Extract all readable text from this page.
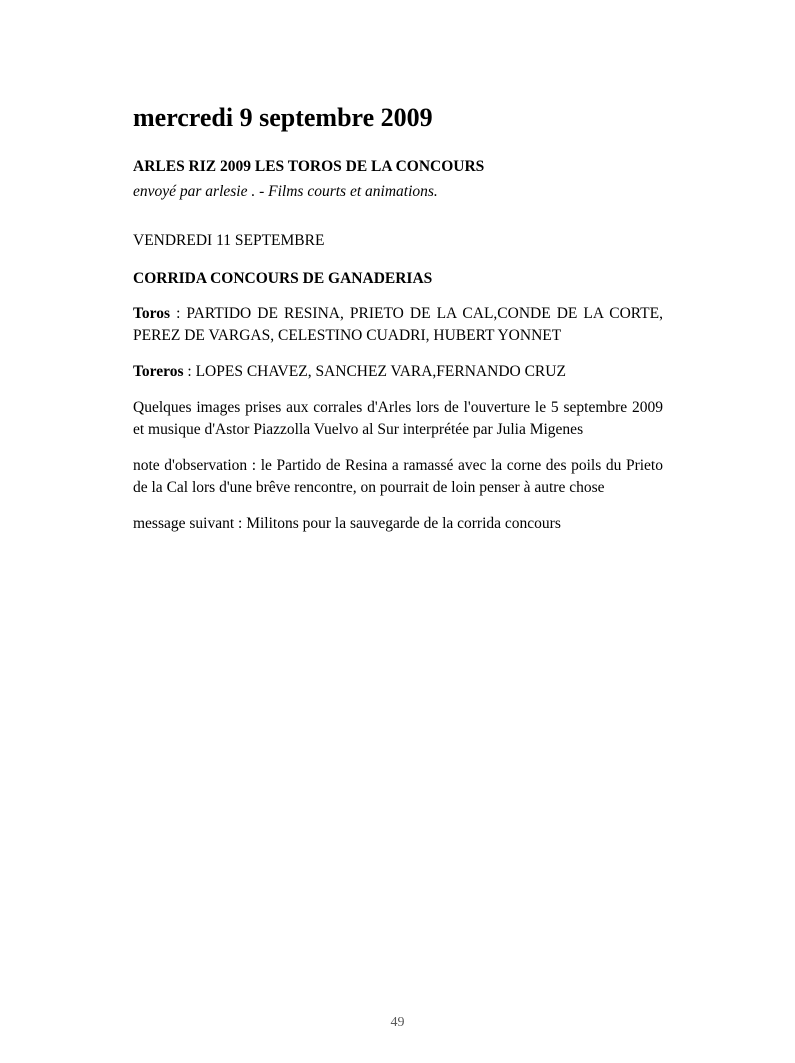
mercredi 9 septembre 2009
ARLES RIZ 2009 LES TOROS DE LA CONCOURS
envoyé par arlesie . - Films courts et animations.
VENDREDI 11 SEPTEMBRE
CORRIDA CONCOURS DE GANADERIAS

Toros : PARTIDO DE RESINA, PRIETO DE LA CAL,CONDE DE LA CORTE, PEREZ DE VARGAS, CELESTINO CUADRI, HUBERT YONNET

Toreros : LOPES CHAVEZ, SANCHEZ VARA,FERNANDO CRUZ

Quelques images prises aux corrales d'Arles lors de l'ouverture le 5 septembre 2009 et musique d'Astor Piazzolla Vuelvo al Sur interprétée par Julia Migenes

note d'observation : le Partido de Resina a ramassé avec la corne des poils du Prieto de la Cal lors d'une brêve rencontre, on pourrait de loin penser à autre chose

message suivant : Militons pour la sauvegarde de la corrida concours

49
